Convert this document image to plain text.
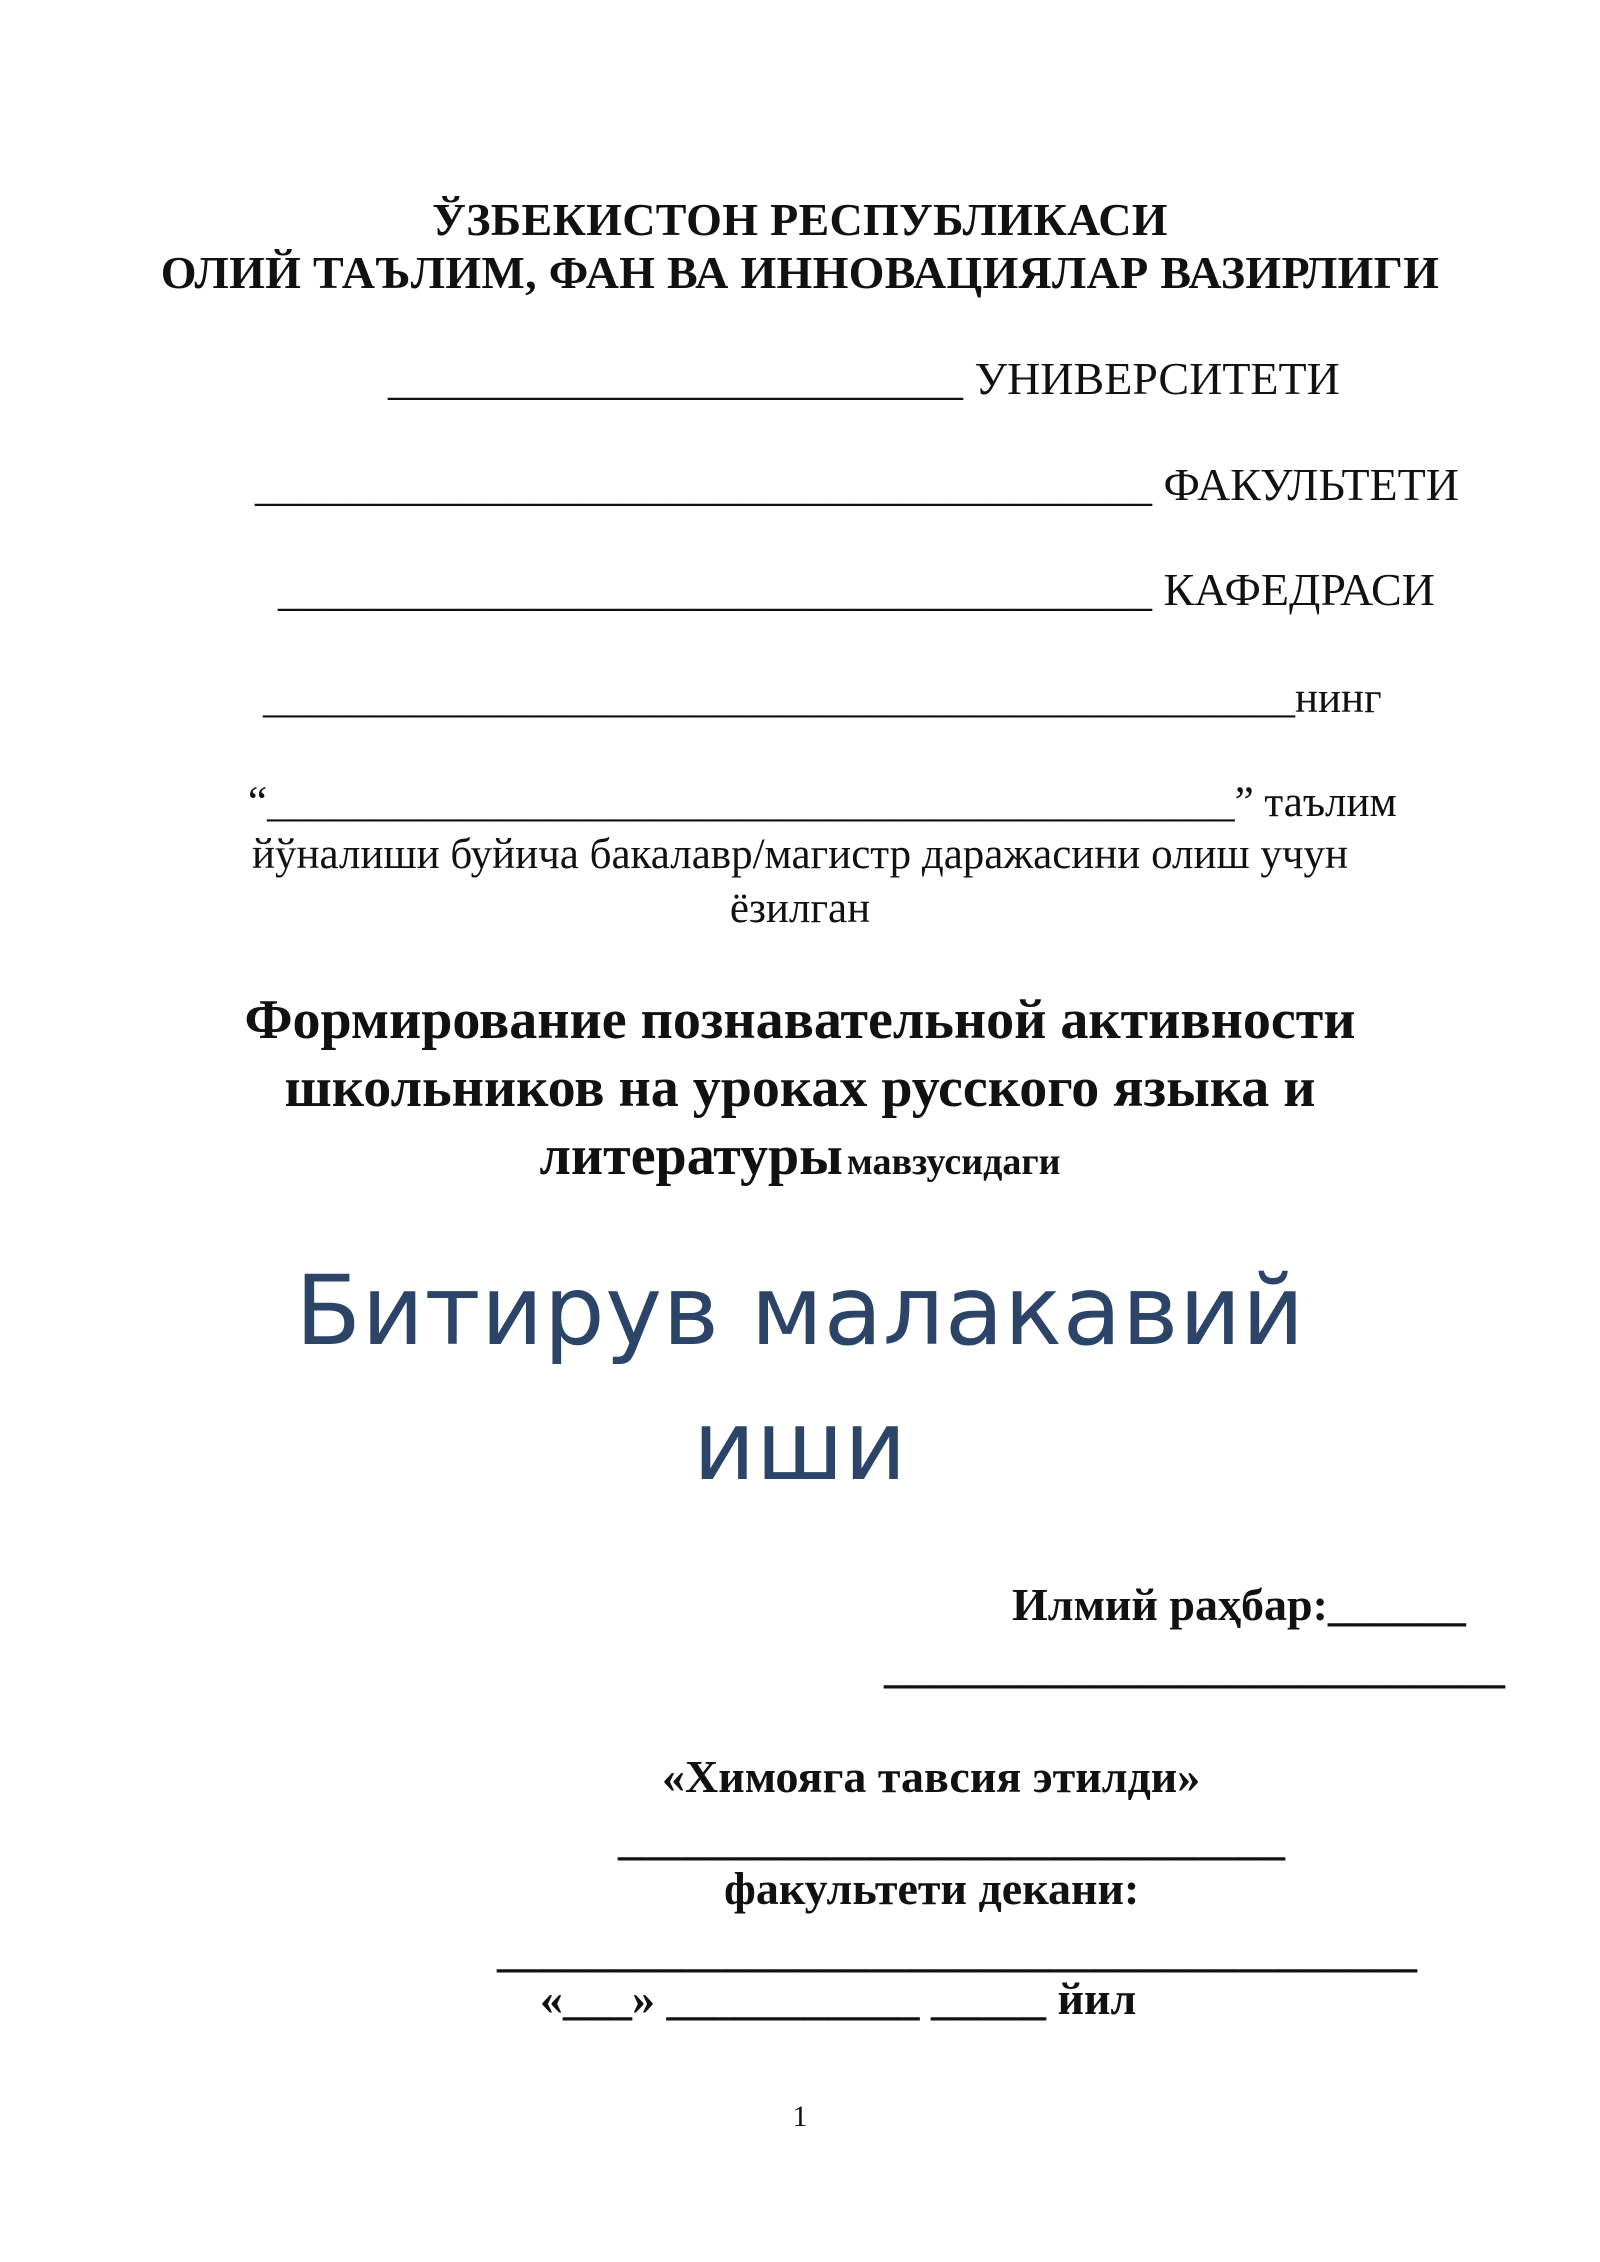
ЎЗБЕКИСТОН РЕСПУБЛИКАСИ
ОЛИЙ ТАЪЛИМ, ФАН ВА ИННОВАЦИЯЛАР ВАЗИРЛИГИ
_________________________ УНИВЕРСИТЕТИ
_______________________________________ ФАКУЛЬТЕТИ
______________________________________ КАФЕДРАСИ
________________________________________________нинг
“_____________________________________________” таълим
йўналиши буйича бакалавр/магистр даражасини олиш учун
ёзилган
Формирование познавательной активности
школьников на уроках русского языка и
литературы мавзусидаги
Битирув малакавий
иши
Илмий раҳбар:______
___________________________
«Химояга тавсия этилди»
_____________________________
факультети декани:
________________________________________
«___» ___________ _____ йил
1
